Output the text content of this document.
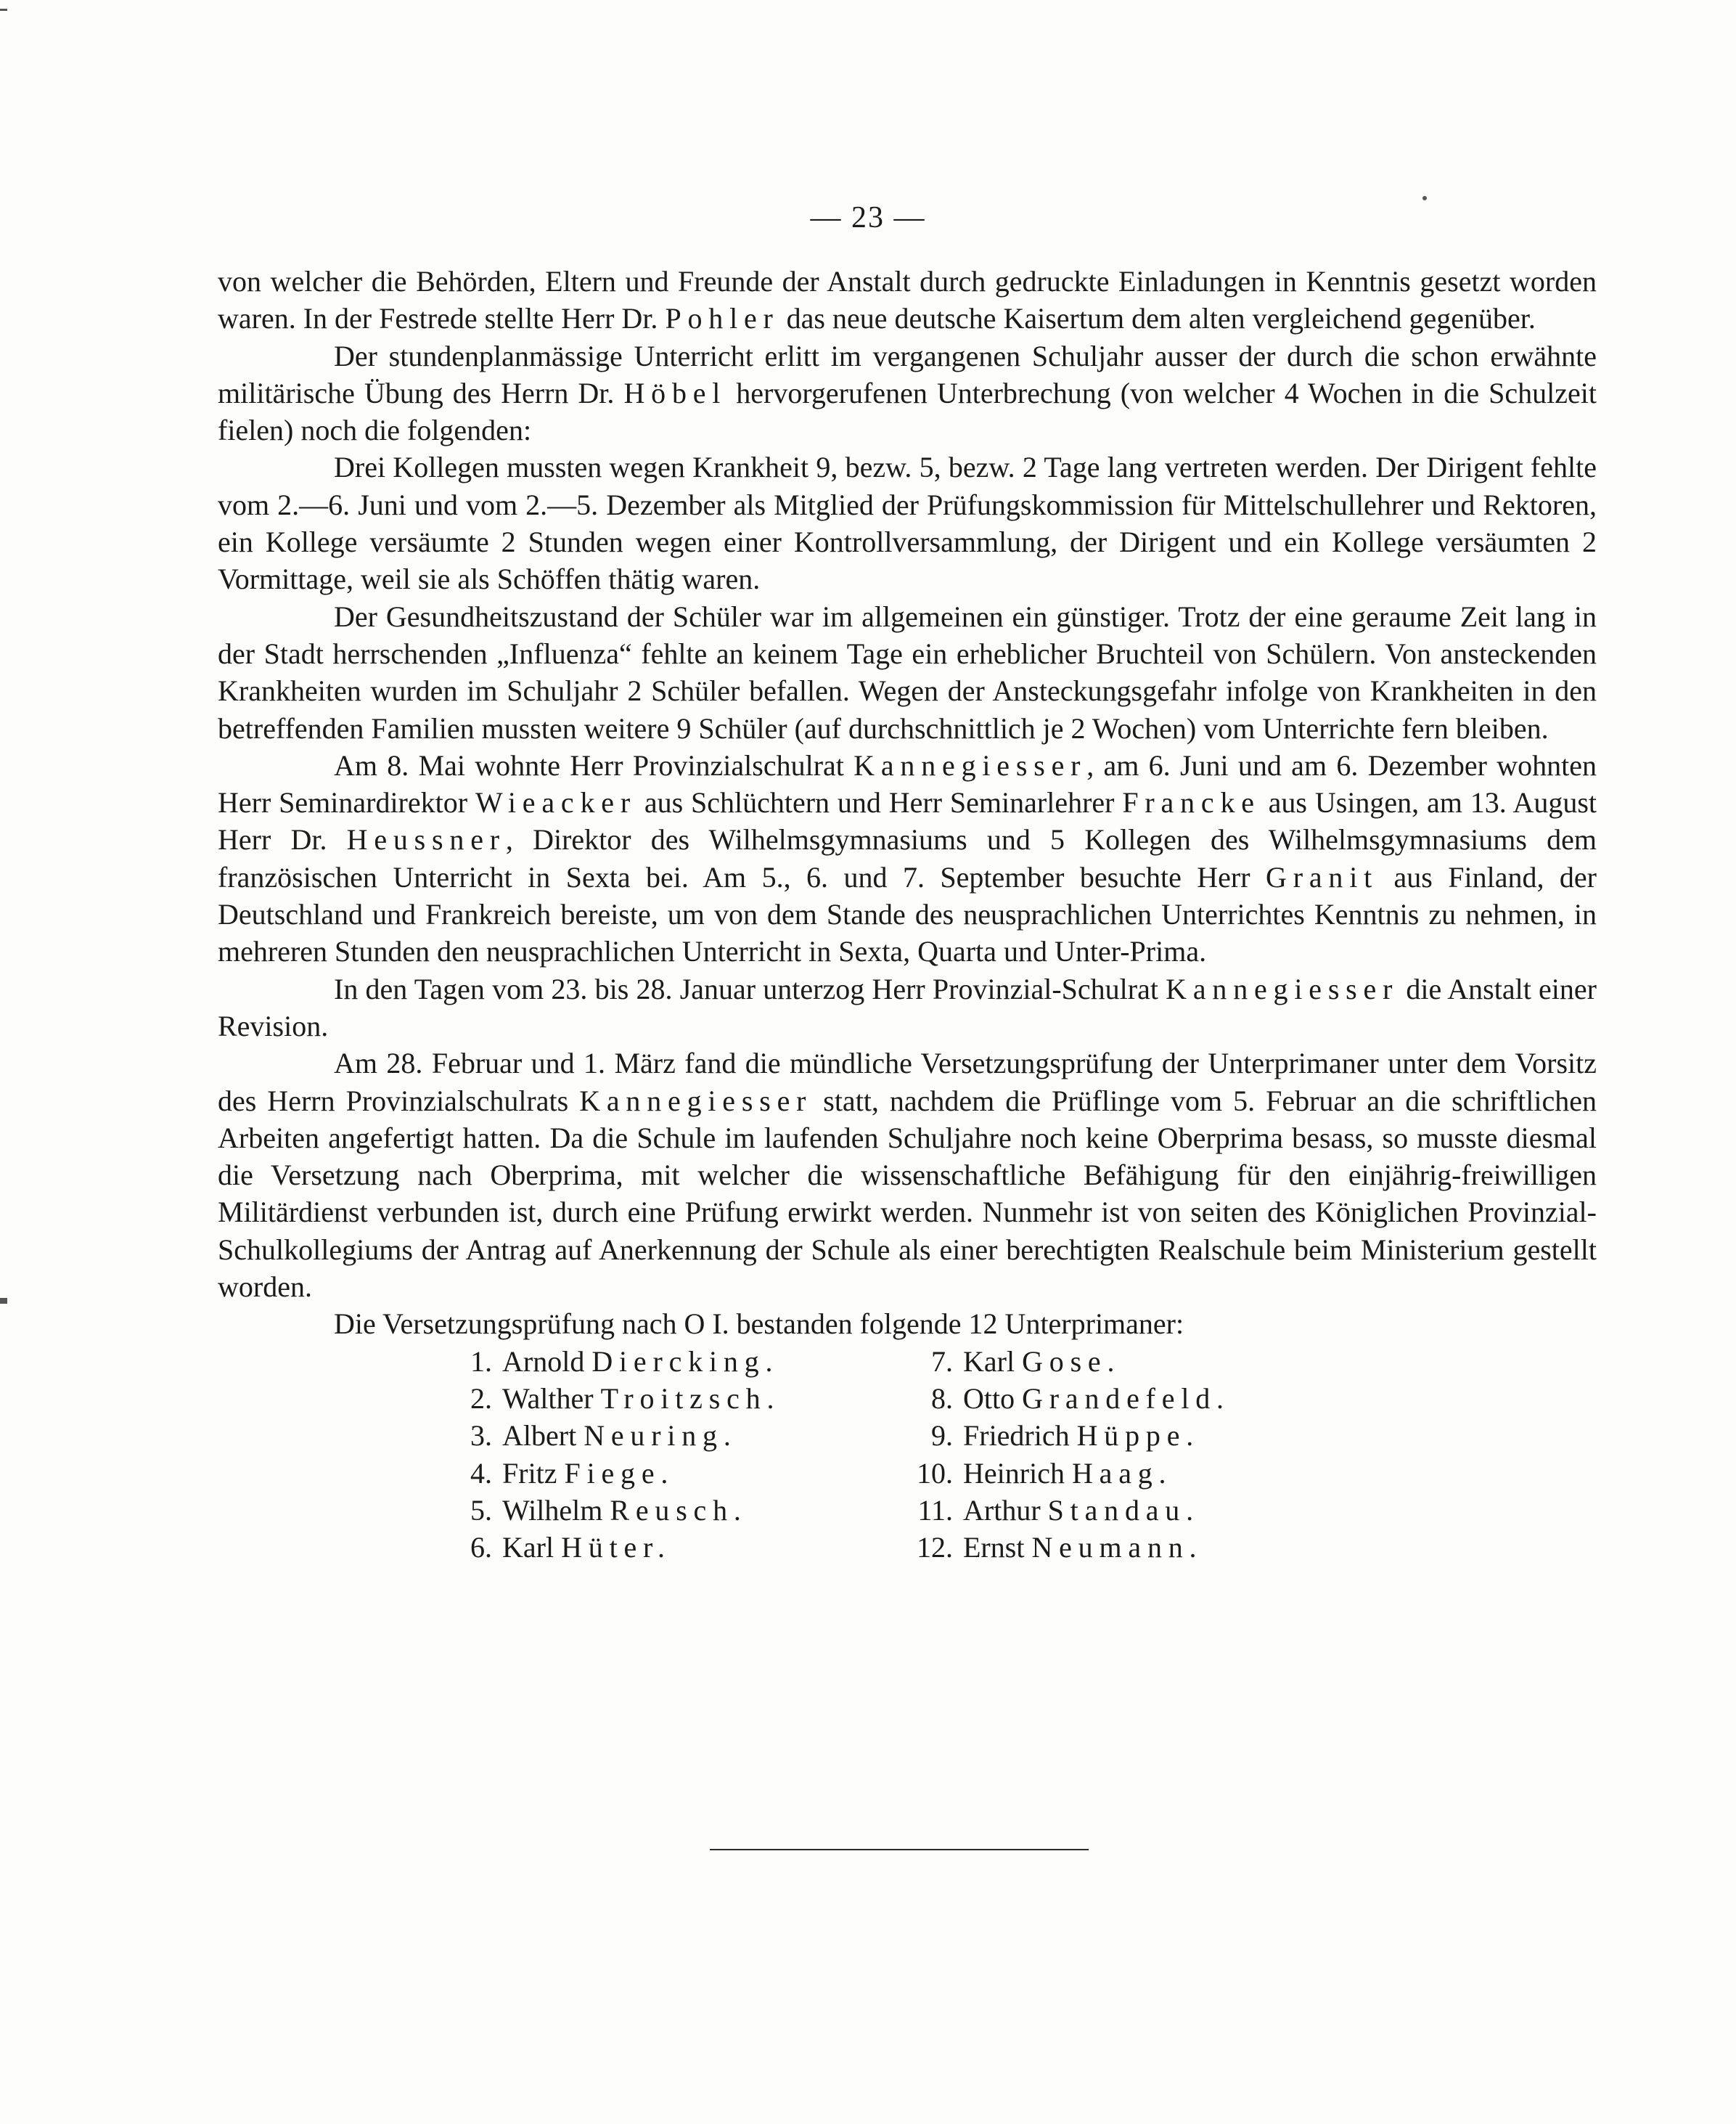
— 23 —

von welcher die Behörden, Eltern und Freunde der Anstalt durch gedruckte Einladungen in Kenntnis gesetzt worden waren. In der Festrede stellte Herr Dr. Pohler das neue deutsche Kaisertum dem alten vergleichend gegenüber.

Der stundenplanmässige Unterricht erlitt im vergangenen Schuljahr ausser der durch die schon erwähnte militärische Übung des Herrn Dr. Höbel hervorgerufenen Unterbrechung (von welcher 4 Wochen in die Schulzeit fielen) noch die folgenden:

Drei Kollegen mussten wegen Krankheit 9, bezw. 5, bezw. 2 Tage lang vertreten werden. Der Dirigent fehlte vom 2.—6. Juni und vom 2.—5. Dezember als Mitglied der Prüfungskommission für Mittelschullehrer und Rektoren, ein Kollege versäumte 2 Stunden wegen einer Kontrollversammlung, der Dirigent und ein Kollege versäumten 2 Vormittage, weil sie als Schöffen thätig waren.

Der Gesundheitszustand der Schüler war im allgemeinen ein günstiger. Trotz der eine geraume Zeit lang in der Stadt herrschenden „Influenza“ fehlte an keinem Tage ein erheblicher Bruchteil von Schülern. Von ansteckenden Krankheiten wurden im Schuljahr 2 Schüler befallen. Wegen der Ansteckungsgefahr infolge von Krankheiten in den betreffenden Familien mussten weitere 9 Schüler (auf durchschnittlich je 2 Wochen) vom Unterrichte fern bleiben.

Am 8. Mai wohnte Herr Provinzialschulrat Kannegiesser, am 6. Juni und am 6. Dezember wohnten Herr Seminardirektor Wieacker aus Schlüchtern und Herr Seminarlehrer Francke aus Usingen, am 13. August Herr Dr. Heussner, Direktor des Wilhelmsgymnasiums und 5 Kollegen des Wilhelmsgymnasiums dem französischen Unterricht in Sexta bei. Am 5., 6. und 7. September besuchte Herr Granit aus Finland, der Deutschland und Frankreich bereiste, um von dem Stande des neusprachlichen Unterrichtes Kenntnis zu nehmen, in mehreren Stunden den neusprachlichen Unterricht in Sexta, Quarta und Unter-Prima.

In den Tagen vom 23. bis 28. Januar unterzog Herr Provinzial-Schulrat Kannegiesser die Anstalt einer Revision.

Am 28. Februar und 1. März fand die mündliche Versetzungsprüfung der Unterprimaner unter dem Vorsitz des Herrn Provinzialschulrats Kannegiesser statt, nachdem die Prüflinge vom 5. Februar an die schriftlichen Arbeiten angefertigt hatten. Da die Schule im laufenden Schuljahre noch keine Oberprima besass, so musste diesmal die Versetzung nach Oberprima, mit welcher die wissenschaftliche Befähigung für den einjährig-freiwilligen Militärdienst verbunden ist, durch eine Prüfung erwirkt werden. Nunmehr ist von seiten des Königlichen Provinzial-Schulkollegiums der Antrag auf Anerkennung der Schule als einer berechtigten Realschule beim Ministerium gestellt worden.

Die Versetzungsprüfung nach O I. bestanden folgende 12 Unterprimaner:

1. Arnold Diercking.
2. Walther Troitzsch.
3. Albert Neuring.
4. Fritz Fiege.
5. Wilhelm Reusch.
6. Karl Hüter.
7. Karl Gose.
8. Otto Grandefeld.
9. Friedrich Hüppe.
10. Heinrich Haag.
11. Arthur Standau.
12. Ernst Neumann.
